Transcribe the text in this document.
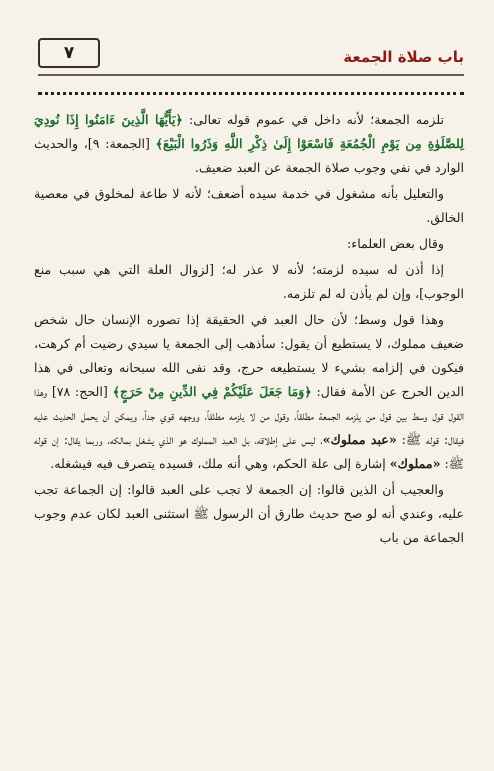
باب صلاة الجمعة
٧

تلزمه الجمعة؛ لأنه داخل في عموم قوله تعالى: ﴿يَأَيُّهَا الَّذِينَ ءَامَنُوا إِذَا نُودِيَ لِلصَّلَوٰةِ مِن يَوْمِ الْجُمُعَةِ فَاسْعَوْا إِلَىٰ ذِكْرِ اللَّهِ وَذَرُوا الْبَيْعَ﴾ [الجمعة: ٩]، والحديث الوارد في نفي وجوب صلاة الجمعة عن العبد ضعيف.

والتعليل بأنه مشغول في خدمة سيده أضعف؛ لأنه لا طاعة لمخلوق في معصية الخالق.

وقال بعض العلماء:

إذا أذن له سيده لزمته؛ لأنه لا عذر له؛ [لزوال العلة التي هي سبب منع الوجوب]، وإن لم يأذن له لم تلزمه.

وهذا قول وسط؛ لأن حال العبد في الحقيقة إذا تصوره الإنسان حال شخص ضعيف مملوك، لا يستطيع أن يقول: سأذهب إلى الجمعة يا سيدي رضيت أم كرهت، فيكون في إلزامه بشيء لا يستطيعه حرج، وقد نفى الله سبحانه وتعالى في هذا الدين الحرج عن الأمة فقال: ﴿وَمَا جَعَلَ عَلَيْكُمْ فِي الدِّينِ مِنْ حَرَجٍ﴾ [الحج: ٧٨] وهذا القول قول وسط بين قول من يلزمه الجمعة مطلقاً، وقول من لا يلزمه مطلقاً، ووجهه قوي جداً، ويمكن أن يحمل الحديث عليه فيقال: قوله ﷺ: «عبد مملوك»، ليس على إطلاقه، بل العبد المملوك هو الذي يشغل بمالكه، وربما يقال: إن قوله ﷺ: «مملوك» إشارة إلى علة الحكم، وهي أنه ملك، فسيده يتصرف فيه فيشغله.

والعجيب أن الذين قالوا: إن الجمعة لا تجب على العبد قالوا: إن الجماعة تجب عليه، وعندي أنه لو صح حديث طارق أن الرسول ﷺ استثنى العبد لكان عدم وجوب الجماعة من باب
